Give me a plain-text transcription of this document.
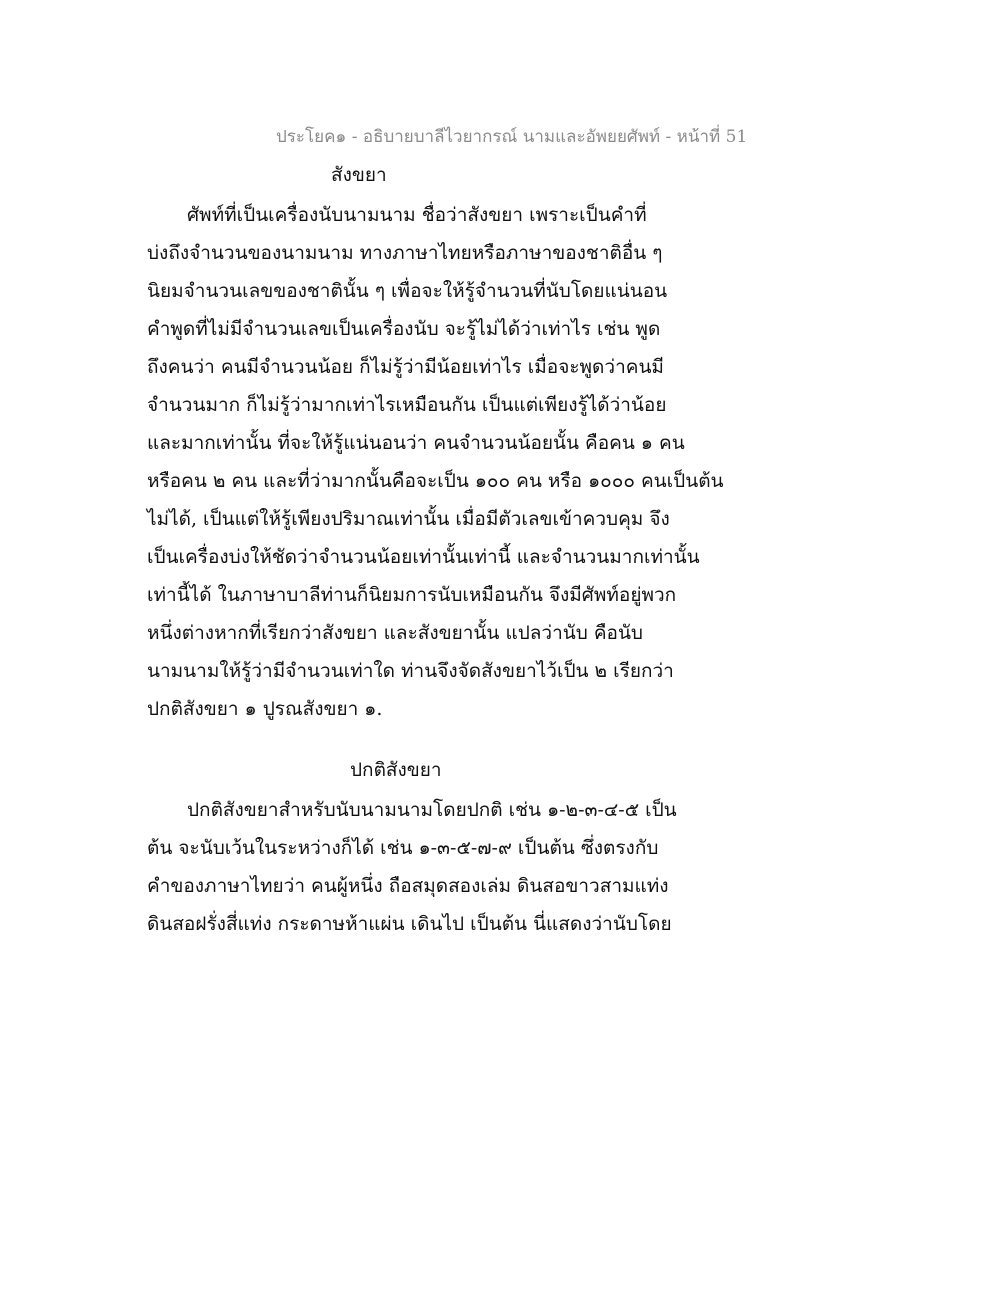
ประโยค๑ - อธิบายบาลีไวยากรณ์ นามและอัพยยศัพท์ - หน้าที่ 51
สังขยา
ศัพท์ที่เป็นเครื่องนับนามนาม ชื่อว่าสังขยา เพราะเป็นคำที่
บ่งถึงจำนวนของนามนาม ทางภาษาไทยหรือภาษาของชาติอื่น ๆ
นิยมจำนวนเลขของชาตินั้น ๆ เพื่อจะให้รู้จำนวนที่นับโดยแน่นอน
คำพูดที่ไม่มีจำนวนเลขเป็นเครื่องนับ จะรู้ไม่ได้ว่าเท่าไร เช่น พูด
ถึงคนว่า คนมีจำนวนน้อย ก็ไม่รู้ว่ามีน้อยเท่าไร เมื่อจะพูดว่าคนมี
จำนวนมาก ก็ไม่รู้ว่ามากเท่าไรเหมือนกัน เป็นแต่เพียงรู้ได้ว่าน้อย
และมากเท่านั้น ที่จะให้รู้แน่นอนว่า คนจำนวนน้อยนั้น คือคน ๑ คน
หรือคน ๒ คน และที่ว่ามากนั้นคือจะเป็น ๑๐๐ คน หรือ ๑๐๐๐ คนเป็นต้น
ไม่ได้, เป็นแต่ให้รู้เพียงปริมาณเท่านั้น เมื่อมีตัวเลขเข้าควบคุม จึง
เป็นเครื่องบ่งให้ชัดว่าจำนวนน้อยเท่านั้นเท่านี้ และจำนวนมากเท่านั้น
เท่านี้ได้ ในภาษาบาลีท่านก็นิยมการนับเหมือนกัน จึงมีศัพท์อยู่พวก
หนึ่งต่างหากที่เรียกว่าสังขยา และสังขยานั้น แปลว่านับ คือนับ
นามนามให้รู้ว่ามีจำนวนเท่าใด ท่านจึงจัดสังขยาไว้เป็น ๒ เรียกว่า
ปกติสังขยา ๑ ปูรณสังขยา ๑.
ปกติสังขยา
ปกติสังขยาสำหรับนับนามนามโดยปกติ เช่น ๑-๒-๓-๔-๕ เป็น
ต้น จะนับเว้นในระหว่างก็ได้ เช่น ๑-๓-๕-๗-๙ เป็นต้น ซึ่งตรงกับ
คำของภาษาไทยว่า คนผู้หนึ่ง ถือสมุดสองเล่ม ดินสอขาวสามแท่ง
ดินสอฝรั่งสี่แท่ง กระดาษห้าแผ่น เดินไป เป็นต้น นี่แสดงว่านับโดย
